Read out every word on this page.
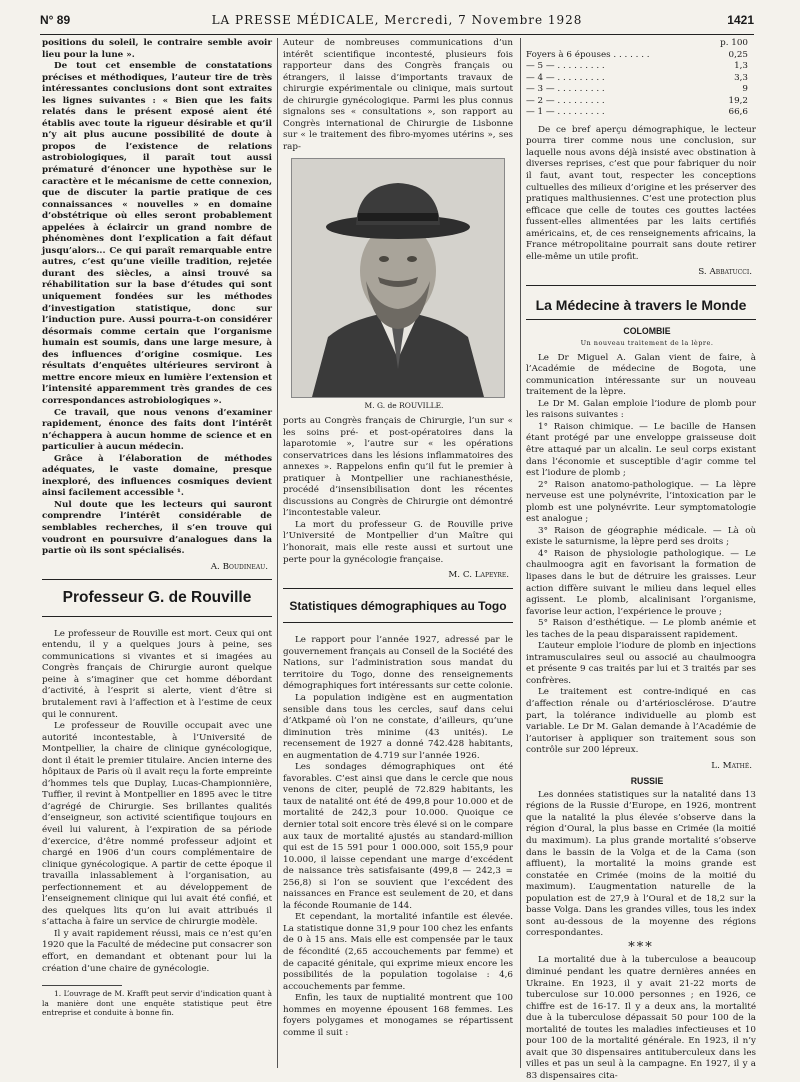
N° 89	LA PRESSE MÉDICALE, Mercredi, 7 Novembre 1928	1421

positions du soleil, le contraire semble avoir lieu pour la lune ».

De tout cet ensemble de constatations précises et méthodiques, l’auteur tire de très intéressantes conclusions dont sont extraites les lignes suivantes : « Bien que les faits relatés dans le présent exposé aient été établis avec toute la rigueur désirable et qu’il n’y ait plus aucune possibilité de doute à propos de l’existence de relations astrobiologiques, il paraît tout aussi prématuré d’énoncer une hypothèse sur le caractère et le mécanisme de cette connexion, que de discuter la partie pratique de ces connaissances « nouvelles » en domaine d’obstétrique où elles seront probablement appelées à éclaircir un grand nombre de phénomènes dont l’explication a fait défaut jusqu’alors... Ce qui paraît remarquable entre autres, c’est qu’une vieille tradition, rejetée durant des siècles, a ainsi trouvé sa réhabilitation sur la base d’études qui sont uniquement fondées sur les méthodes d’investigation statistique, donc sur l’induction pure. Aussi pourra-t-on considérer désormais comme certain que l’organisme humain est soumis, dans une large mesure, à des influences d’origine cosmique. Les résultats d’enquêtes ultérieures serviront à mettre encore mieux en lumière l’extension et l’intensité apparemment très grandes de ces correspondances astrobiologiques ».

Ce travail, que nous venons d’examiner rapidement, énonce des faits dont l’intérêt n’échappera à aucun homme de science et en particulier à aucun médecin.

Grâce à l’élaboration de méthodes adéquates, le vaste domaine, presque inexploré, des influences cosmiques devient ainsi facilement accessible ¹.

Nul doute que les lecteurs qui sauront comprendre l’intérêt considérable de semblables recherches, il s’en trouve qui voudront en poursuivre d’analogues dans la partie où ils sont spécialisés.

A. Boudineau.
Professeur G. de Rouville

Le professeur de Rouville est mort. Ceux qui ont entendu, il y a quelques jours à peine, ses communications si vivantes et si imagées au Congrès français de Chirurgie auront quelque peine à s’imaginer que cet homme débordant d’activité, à l’esprit si alerte, vient d’être si brutalement ravi à l’affection et à l’estime de ceux qui le connurent.

Le professeur de Rouville occupait avec une autorité incontestable, à l’Université de Montpellier, la chaire de clinique gynécologique, dont il était le premier titulaire. Ancien interne des hôpitaux de Paris où il avait reçu la forte empreinte d’hommes tels que Duplay, Lucas-Championnière, Tuffier, il revint à Montpellier en 1895 avec le titre d’agrégé de Chirurgie. Ses brillantes qualités d’enseigneur, son activité scientifique toujours en éveil lui valurent, à l’expiration de sa période d’exercice, d’être nommé professeur adjoint et chargé en 1906 d’un cours complémentaire de clinique gynécologique. A partir de cette époque il travailla inlassablement à l’organisation, au perfectionnement et au développement de l’enseignement clinique qui lui avait été confié, et des quelques lits qu’on lui avait attribués il s’attacha à faire un service de chirurgie modèle.

Il y avait rapidement réussi, mais ce n’est qu’en 1920 que la Faculté de médecine put consacrer son effort, en demandant et obtenant pour lui la création d’une chaire de gynécologie.

1. L’ouvrage de M. Krafft peut servir d’indication quant à la manière dont une enquête statistique peut être entreprise et conduite à bonne fin.

Auteur de nombreuses communications d’un intérêt scientifique incontesté, plusieurs fois rapporteur dans des Congrès français ou étrangers, il laisse d’importants travaux de chirurgie expérimentale ou clinique, mais surtout de chirurgie gynécologique. Parmi les plus connus signalons ses « consultations », son rapport au Congrès international de Chirurgie de Lisbonne sur « le traitement des fibro-myomes utérins », ses rap-

M. G. de ROUVILLE.

ports au Congrès français de Chirurgie, l’un sur « les soins pré- et post-opératoires dans la laparotomie », l’autre sur « les opérations conservatrices dans les lésions inflammatoires des annexes ». Rappelons enfin qu’il fut le premier à pratiquer à Montpellier une rachianesthésie, procédé d’insensibilisation dont les récentes discussions au Congrès de Chirurgie ont démontré l’incontestable valeur.

La mort du professeur G. de Rouville prive l’Université de Montpellier d’un Maître qui l’honorait, mais elle reste aussi et surtout une perte pour la gynécologie française.

M. C. Lapeyre.
Statistiques démographiques au Togo

Le rapport pour l’année 1927, adressé par le gouvernement français au Conseil de la Société des Nations, sur l’administration sous mandat du territoire du Togo, donne des renseignements démographiques fort intéressants sur cette colonie.

La population indigène est en augmentation sensible dans tous les cercles, sauf dans celui d’Atkpamé où l’on ne constate, d’ailleurs, qu’une diminution très minime (43 unités). Le recensement de 1927 a donné 742.428 habitants, en augmentation de 4.719 sur l’année 1926.

Les sondages démographiques ont été favorables. C’est ainsi que dans le cercle que nous venons de citer, peuplé de 72.829 habitants, les taux de natalité ont été de 499,8 pour 10.000 et de mortalité de 242,3 pour 10.000. Quoique ce dernier total soit encore très élevé si on le compare aux taux de mortalité ajustés au standard-million qui est de 15 591 pour 1 000.000, soit 155,9 pour 10.000, il laisse cependant une marge d’excédent de naissance très satisfaisante (499,8 — 242,3 = 256,8) si l’on se souvient que l’excédent des naissances en France est seulement de 20, et dans la féconde Roumanie de 144.

Et cependant, la mortalité infantile est élevée. La statistique donne 31,9 pour 100 chez les enfants de 0 à 15 ans. Mais elle est compensée par le taux de fécondité (2,65 accouchements par femme) et de capacité génitale, qui exprime mieux encore les possibilités de la population togolaise : 4,6 accouchements par femme.

Enfin, les taux de nuptialité montrent que 100 hommes en moyenne épousent 168 femmes. Les foyers polygames et monogames se répartissent comme il suit :

p. 100
Foyers à 6 épouses . . . . . . .	0,25
— 5 — . . . . . . . . .	1,3
— 4 — . . . . . . . . .	3,3
— 3 — . . . . . . . . .	9
— 2 — . . . . . . . . .	19,2
— 1 — . . . . . . . . .	66,6

De ce bref aperçu démographique, le lecteur pourra tirer comme nous une conclusion, sur laquelle nous avons déjà insisté avec obstination à diverses reprises, c’est que pour fabriquer du noir il faut, avant tout, respecter les conceptions cultuelles des milieux d’origine et les préserver des pratiques malthusiennes. C’est une protection plus efficace que celle de toutes ces gouttes lactées fussent-elles alimentées par les laits certifiés américains, et, de ces renseignements africains, la France métropolitaine pourrait sans doute retirer elle-même un utile profit.

S. Abbatucci.
La Médecine à travers le Monde

COLOMBIE

Un nouveau traitement de la lèpre.

Le Dr Miguel A. Galan vient de faire, à l’Académie de médecine de Bogota, une communication intéressante sur un nouveau traitement de la lèpre.

Le Dr M. Galan emploie l’iodure de plomb pour les raisons suivantes :

1° Raison chimique. — Le bacille de Hansen étant protégé par une enveloppe graisseuse doit être attaqué par un alcalin. Le seul corps existant dans l’économie et susceptible d’agir comme tel est l’iodure de plomb ;

2° Raison anatomo-pathologique. — La lèpre nerveuse est une polynévrite, l’intoxication par le plomb est une polynévrite. Leur symptomatologie est analogue ;

3° Raison de géographie médicale. — Là où existe le saturnisme, la lèpre perd ses droits ;

4° Raison de physiologie pathologique. — Le chaulmoogra agit en favorisant la formation de lipases dans le but de détruire les graisses. Leur action diffère suivant le milieu dans lequel elles agissent. Le plomb, alcalinisant l’organisme, favorise leur action, l’expérience le prouve ;

5° Raison d’esthétique. — Le plomb anémie et les taches de la peau disparaissent rapidement.

L’auteur emploie l’iodure de plomb en injections intramusculaires seul ou associé au chaulmoogra et présente 9 cas traités par lui et 3 traités par ses confrères.

Le traitement est contre-indiqué en cas d’affection rénale ou d’artériosclérose. D’autre part, la tolérance individuelle au plomb est variable. Le Dr M. Galan demande à l’Académie de l’autoriser à appliquer son traitement sous son contrôle sur 200 lépreux.

L. Mathé.

RUSSIE

Les données statistiques sur la natalité dans 13 régions de la Russie d’Europe, en 1926, montrent que la natalité la plus élevée s’observe dans la région d’Oural, la plus basse en Crimée (la moitié du maximum). La plus grande mortalité s’observe dans le bassin de la Volga et de la Cama (son affluent), la mortalité la moins grande est constatée en Crimée (moins de la moitié du maximum). L’augmentation naturelle de la population est de 27,9 à l’Oural et de 18,2 sur la basse Volga. Dans les grandes villes, tous les index sont au-dessous de la moyenne des régions correspondantes.

***

La mortalité due à la tuberculose a beaucoup diminué pendant les quatre dernières années en Ukraine. En 1923, il y avait 21-22 morts de tuberculose sur 10.000 personnes ; en 1926, ce chiffre est de 16-17. Il y a deux ans, la mortalité due à la tuberculose dépassait 50 pour 100 de la mortalité de toutes les maladies infectieuses et 10 pour 100 de la mortalité générale. En 1923, il n’y avait que 30 dispensaires antituberculeux dans les villes et pas un seul à la campagne. En 1927, il y a 83 dispensaires cita-
